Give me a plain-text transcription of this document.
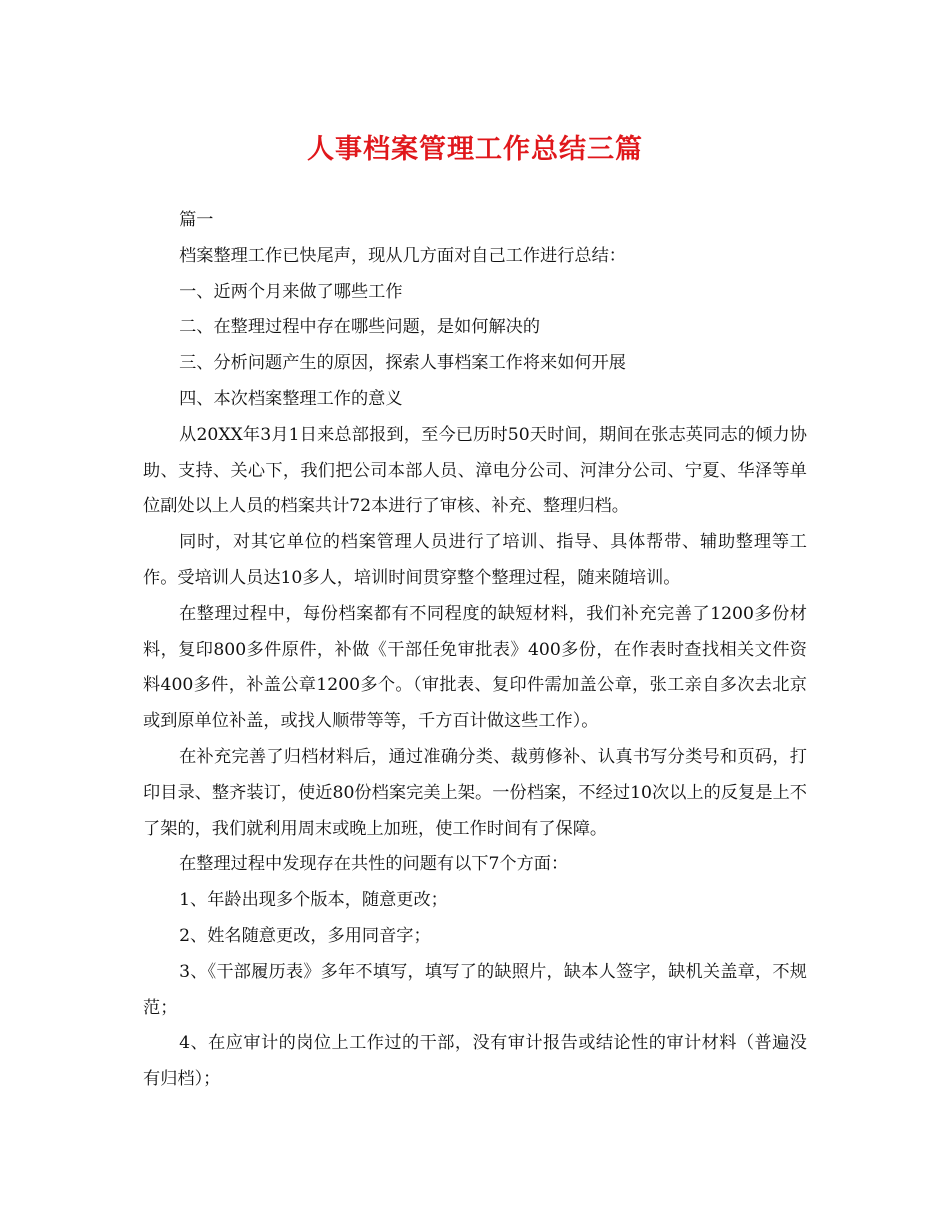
人事档案管理工作总结三篇

篇一

档案整理工作已快尾声，现从几方面对自己工作进行总结：

一、近两个月来做了哪些工作

二、在整理过程中存在哪些问题，是如何解决的

三、分析问题产生的原因，探索人事档案工作将来如何开展

四、本次档案整理工作的意义

从20XX年3月1日来总部报到，至今已历时50天时间，期间在张志英同志的倾力协助、支持、关心下，我们把公司本部人员、漳电分公司、河津分公司、宁夏、华泽等单位副处以上人员的档案共计72本进行了审核、补充、整理归档。

同时，对其它单位的档案管理人员进行了培训、指导、具体帮带、辅助整理等工作。受培训人员达10多人，培训时间贯穿整个整理过程，随来随培训。

在整理过程中，每份档案都有不同程度的缺短材料，我们补充完善了1200多份材料，复印800多件原件，补做《干部任免审批表》400多份，在作表时查找相关文件资料400多件，补盖公章1200多个。（审批表、复印件需加盖公章，张工亲自多次去北京或到原单位补盖，或找人顺带等等，千方百计做这些工作）。

在补充完善了归档材料后，通过准确分类、裁剪修补、认真书写分类号和页码，打印目录、整齐装订，使近80份档案完美上架。一份档案，不经过10次以上的反复是上不了架的，我们就利用周末或晚上加班，使工作时间有了保障。

在整理过程中发现存在共性的问题有以下7个方面：

1、年龄出现多个版本，随意更改；

2、姓名随意更改，多用同音字；

3、《干部履历表》多年不填写，填写了的缺照片，缺本人签字，缺机关盖章，不规范；

4、在应审计的岗位上工作过的干部，没有审计报告或结论性的审计材料（普遍没有归档）；
